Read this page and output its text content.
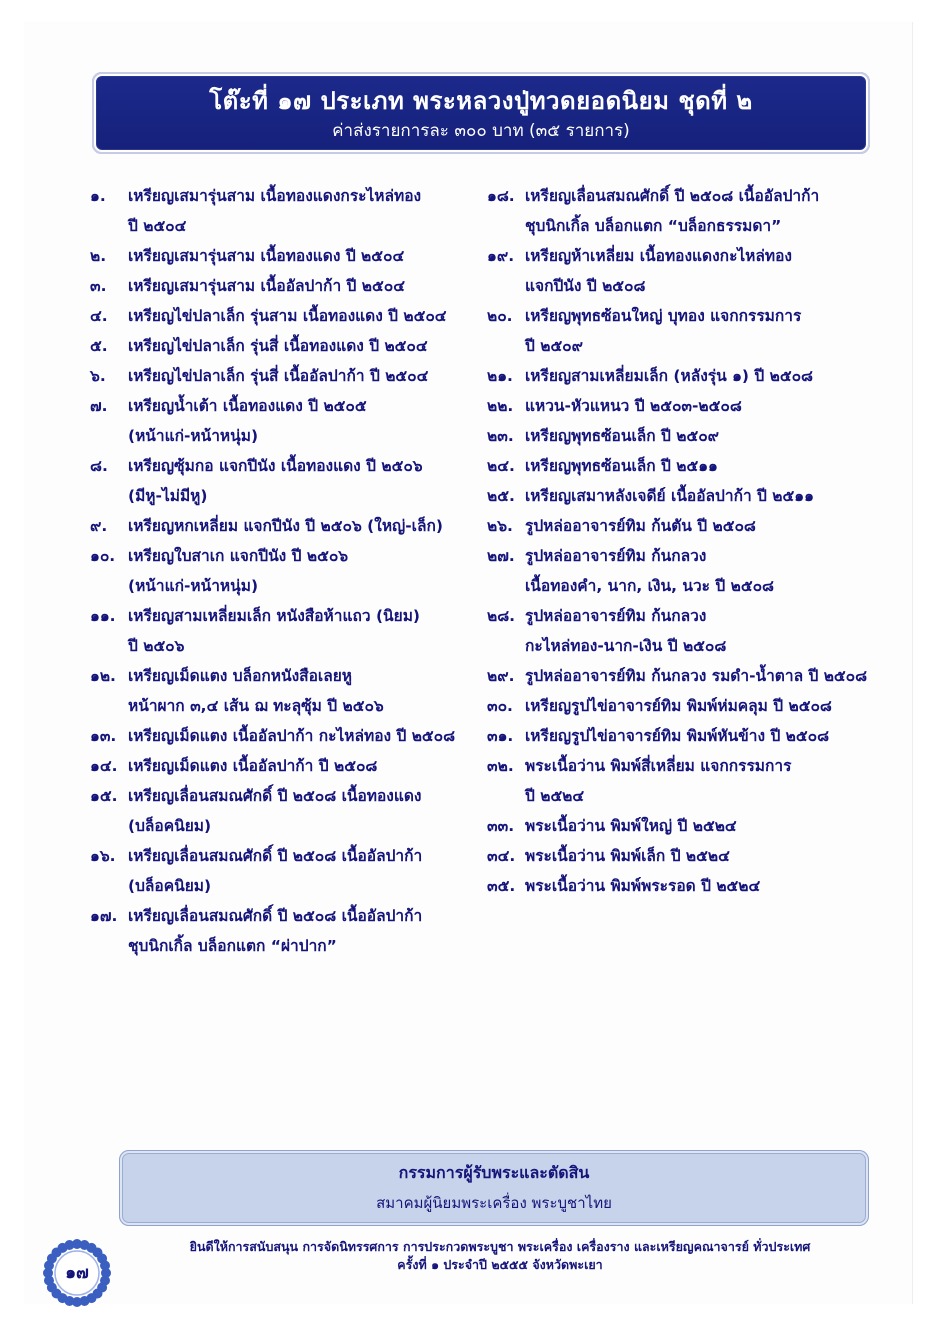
โต๊ะที่ ๑๗ ประเภท พระหลวงปู่ทวดยอดนิยม ชุดที่ ๒
ค่าส่งรายการละ ๓๐๐ บาท (๓๕ รายการ)
๑.	เหรียญเสมารุ่นสาม เนื้อทองแดงกระไหล่ทอง
ปี ๒๕๐๔
๒.	เหรียญเสมารุ่นสาม เนื้อทองแดง ปี ๒๕๐๔
๓.	เหรียญเสมารุ่นสาม เนื้ออัลปาก้า ปี ๒๕๐๔
๔.	เหรียญไข่ปลาเล็ก รุ่นสาม เนื้อทองแดง ปี ๒๕๐๔
๕.	เหรียญไข่ปลาเล็ก รุ่นสี่ เนื้อทองแดง ปี ๒๕๐๔
๖.	เหรียญไข่ปลาเล็ก รุ่นสี่ เนื้ออัลปาก้า ปี ๒๕๐๔
๗.	เหรียญน้ำเต้า เนื้อทองแดง ปี ๒๕๐๕
(หน้าแก่-หน้าหนุ่ม)
๘.	เหรียญซุ้มกอ แจกปีนัง เนื้อทองแดง ปี ๒๕๐๖
(มีหู-ไม่มีหู)
๙.	เหรียญหกเหลี่ยม แจกปีนัง ปี ๒๕๐๖ (ใหญ่-เล็ก)
๑๐. เหรียญใบสาเก แจกปีนัง ปี ๒๕๐๖
(หน้าแก่-หน้าหนุ่ม)
๑๑. เหรียญสามเหลี่ยมเล็ก หนังสือห้าแถว (นิยม)
ปี ๒๕๐๖
๑๒. เหรียญเม็ดแตง บล็อกหนังสือเลยหู
หน้าผาก ๓,๔ เส้น ฌ ทะลุซุ้ม ปี ๒๕๐๖
๑๓. เหรียญเม็ดแตง เนื้ออัลปาก้า กะไหล่ทอง ปี ๒๕๐๘
๑๔. เหรียญเม็ดแตง เนื้ออัลปาก้า ปี ๒๕๐๘
๑๕. เหรียญเลื่อนสมณศักดิ์ ปี ๒๕๐๘ เนื้อทองแดง
(บล็อคนิยม)
๑๖. เหรียญเลื่อนสมณศักดิ์ ปี ๒๕๐๘ เนื้ออัลปาก้า
(บล็อคนิยม)
๑๗. เหรียญเลื่อนสมณศักดิ์ ปี ๒๕๐๘ เนื้ออัลปาก้า
ชุบนิกเกิ้ล บล็อกแตก “ผ่าปาก”
๑๘. เหรียญเลื่อนสมณศักดิ์ ปี ๒๕๐๘ เนื้ออัลปาก้า
ชุบนิกเกิ้ล บล็อกแตก “บล็อกธรรมดา”
๑๙. เหรียญห้าเหลี่ยม เนื้อทองแดงกะไหล่ทอง
แจกปีนัง ปี ๒๕๐๘
๒๐. เหรียญพุทธซ้อนใหญ่ บุทอง แจกกรรมการ
ปี ๒๕๐๙
๒๑. เหรียญสามเหลี่ยมเล็ก (หลังรุ่น ๑) ปี ๒๕๐๘
๒๒. แหวน-หัวแหนว ปี ๒๕๐๓-๒๕๐๘
๒๓. เหรียญพุทธซ้อนเล็ก ปี ๒๕๐๙
๒๔. เหรียญพุทธซ้อนเล็ก ปี ๒๕๑๑
๒๕. เหรียญเสมาหลังเจดีย์ เนื้ออัลปาก้า ปี ๒๕๑๑
๒๖. รูปหล่ออาจารย์ทิม ก้นตัน ปี ๒๕๐๘
๒๗. รูปหล่ออาจารย์ทิม ก้นกลวง
เนื้อทองคำ, นาก, เงิน, นวะ ปี ๒๕๐๘
๒๘. รูปหล่ออาจารย์ทิม ก้นกลวง
กะไหล่ทอง-นาก-เงิน ปี ๒๕๐๘
๒๙. รูปหล่ออาจารย์ทิม ก้นกลวง รมดำ-น้ำตาล ปี ๒๕๐๘
๓๐. เหรียญรูปไข่อาจารย์ทิม พิมพ์ห่มคลุม ปี ๒๕๐๘
๓๑. เหรียญรูปไข่อาจารย์ทิม พิมพ์หันข้าง ปี ๒๕๐๘
๓๒. พระเนื้อว่าน พิมพ์สี่เหลี่ยม แจกกรรมการ
ปี ๒๕๒๔
๓๓. พระเนื้อว่าน พิมพ์ใหญ่ ปี ๒๕๒๔
๓๔. พระเนื้อว่าน พิมพ์เล็ก ปี ๒๕๒๔
๓๕. พระเนื้อว่าน พิมพ์พระรอด ปี ๒๕๒๔
กรรมการผู้รับพระและตัดสิน
สมาคมผู้นิยมพระเครื่อง พระบูชาไทย
ยินดีให้การสนับสนุน การจัดนิทรรศการ การประกวดพระบูชา พระเครื่อง เครื่องราง และเหรียญคณาจารย์ ทั่วประเทศ
ครั้งที่ ๑ ประจำปี ๒๕๕๕ จังหวัดพะเยา
๑๗
